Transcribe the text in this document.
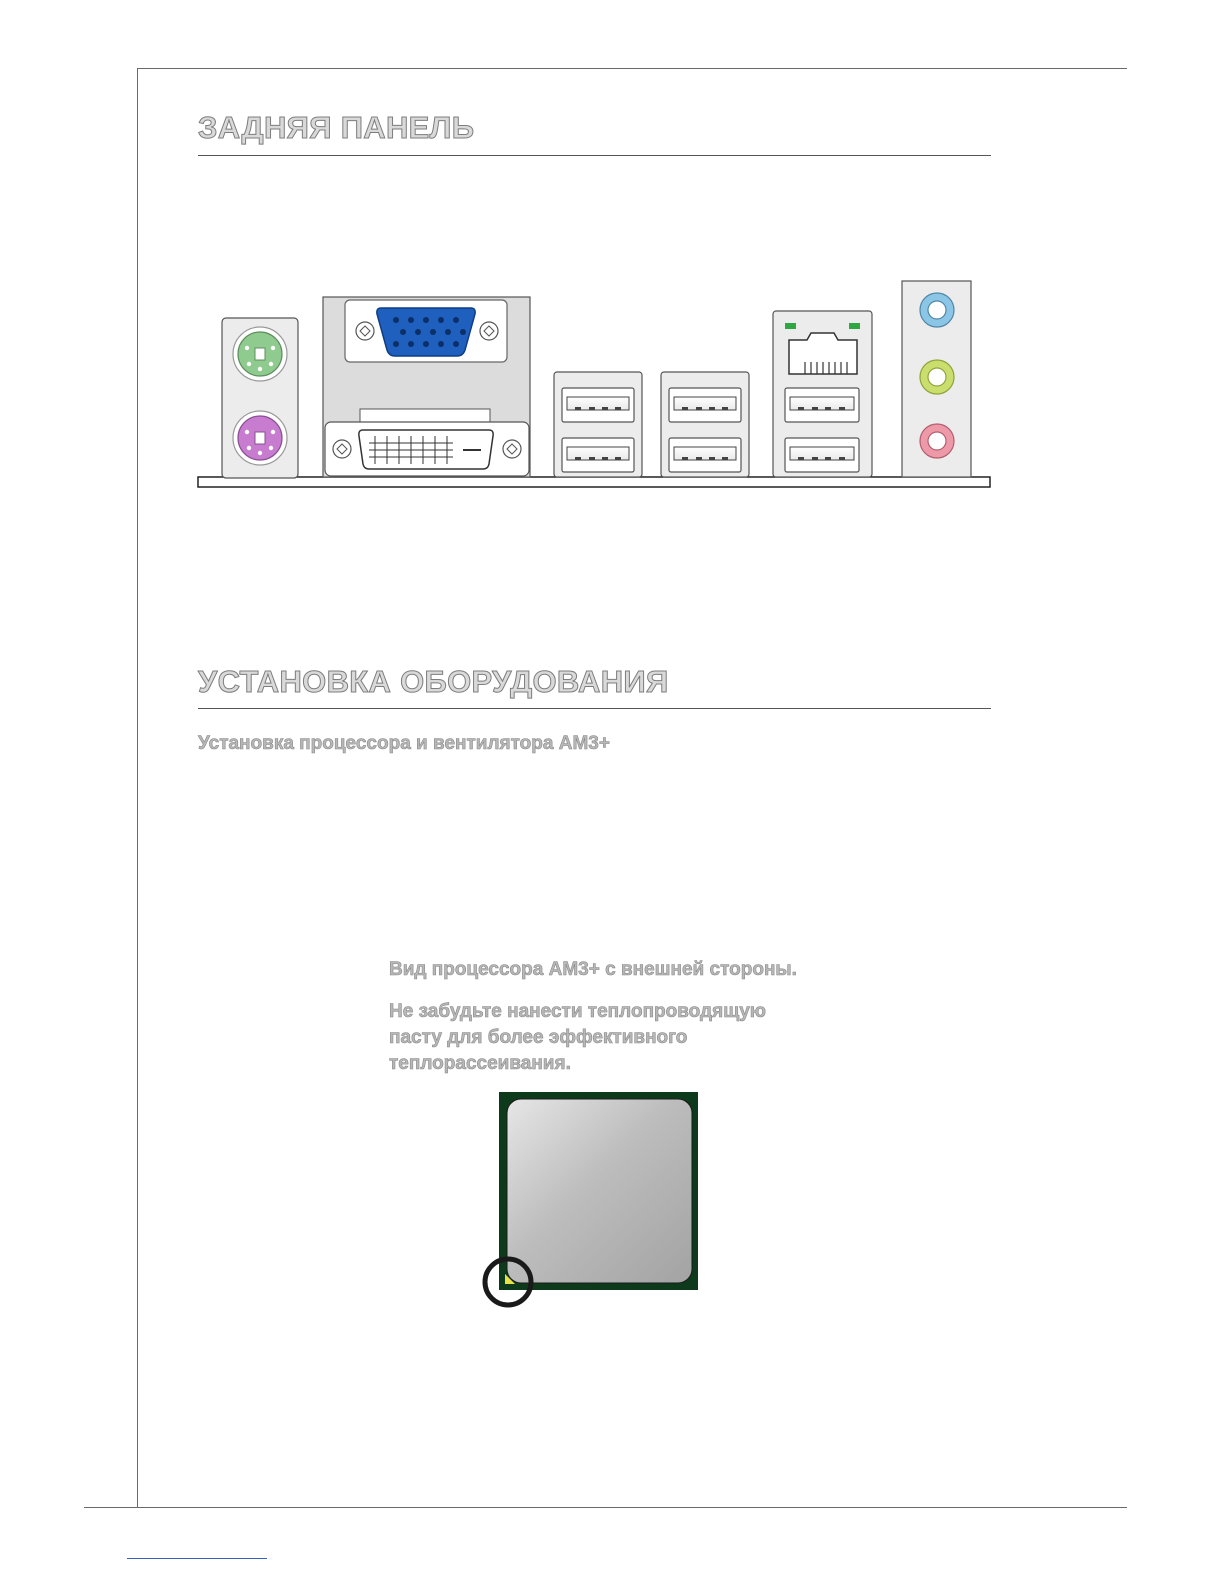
ЗАДНЯЯ ПАНЕЛЬ
УСТАНОВКА ОБОРУДОВАНИЯ

Установка процессора и вентилятора AM3+

Вид процессора AM3+ с внешней стороны.

Не забудьте нанести теплопроводящую
пасту для более эффективного
теплорассеивания.
